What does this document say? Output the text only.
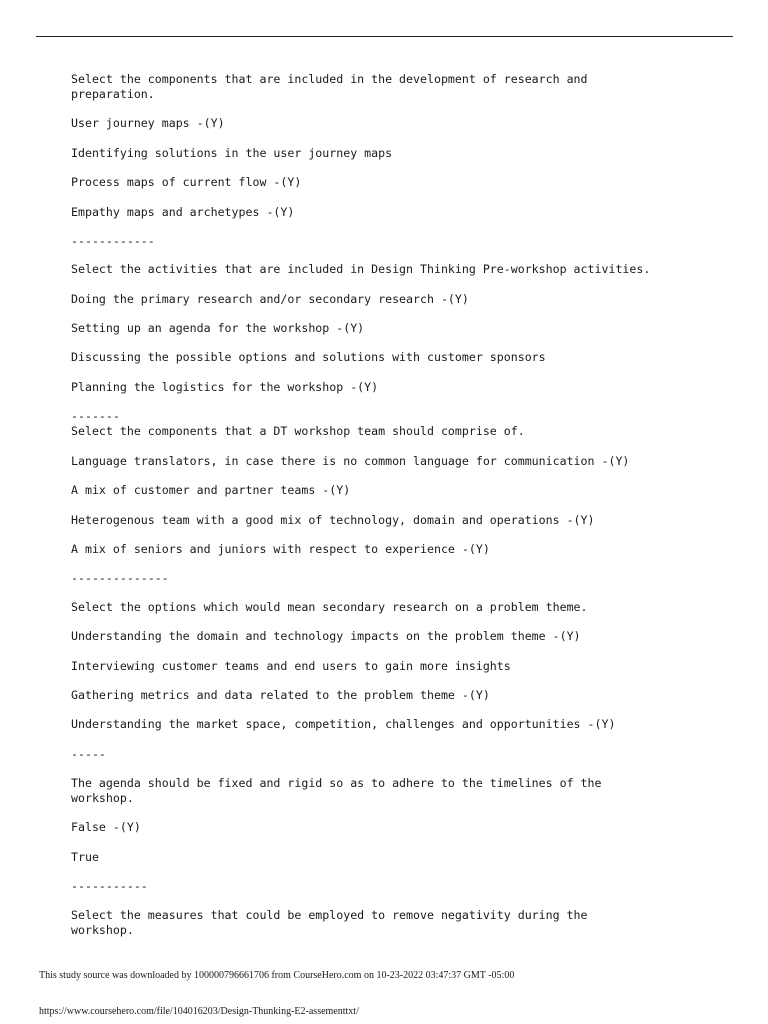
Select the components that are included in the development of research and

preparation.

User journey maps -(Y)

Identifying solutions in the user journey maps

Process maps of current flow -(Y)

Empathy maps and archetypes -(Y)

------------

Select the activities that are included in Design Thinking Pre-workshop activities.

Doing the primary research and/or secondary research -(Y)

Setting up an agenda for the workshop -(Y)

Discussing the possible options and solutions with customer sponsors

Planning the logistics for the workshop -(Y)

-------

Select the components that a DT workshop team should comprise of.

Language translators, in case there is no common language for communication -(Y)

A mix of customer and partner teams -(Y)

Heterogenous team with a good mix of technology, domain and operations -(Y)

A mix of seniors and juniors with respect to experience -(Y)

--------------

Select the options which would mean secondary research on a problem theme.

Understanding the domain and technology impacts on the problem theme -(Y)

Interviewing customer teams and end users to gain more insights

Gathering metrics and data related to the problem theme -(Y)

Understanding the market space, competition, challenges and opportunities -(Y)

-----

The agenda should be fixed and rigid so as to adhere to the timelines of the

workshop.

False -(Y)

True

-----------

Select the measures that could be employed to remove negativity during the

workshop.

This study source was downloaded by 100000796661706 from CourseHero.com on 10-23-2022 03:47:37 GMT -05:00

https://www.coursehero.com/file/104016203/Design-Thunking-E2-assementtxt/
